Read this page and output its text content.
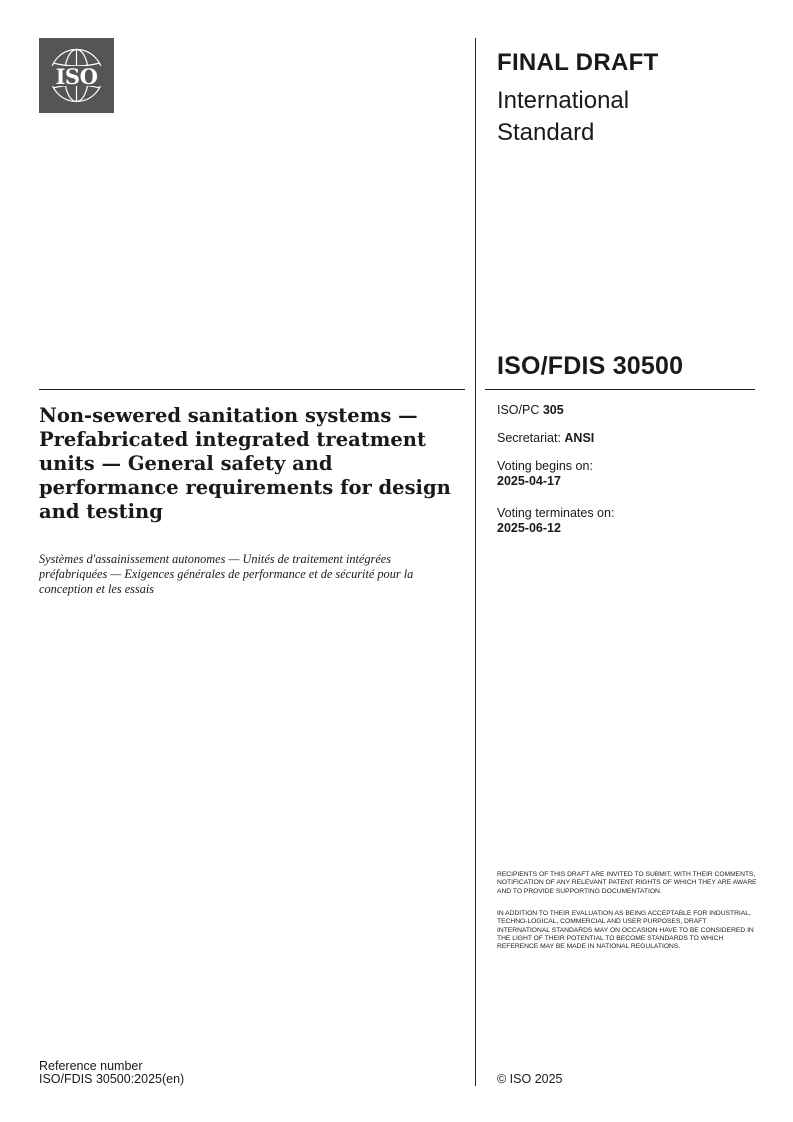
ISO
FINAL DRAFT
International
Standard
ISO/FDIS 30500
ISO/PC 305
Secretariat: ANSI
Voting begins on:
2025-04-17
Voting terminates on:
2025-06-12
Non-sewered sanitation systems — Prefabricated integrated treatment units — General safety and performance requirements for design and testing
Systèmes d'assainissement autonomes — Unités de traitement intégrées préfabriquées — Exigences générales de performance et de sécurité pour la conception et les essais
RECIPIENTS OF THIS DRAFT ARE INVITED TO SUBMIT, WITH THEIR COMMENTS, NOTIFICATION OF ANY RELEVANT PATENT RIGHTS OF WHICH THEY ARE AWARE AND TO PROVIDE SUPPORTING DOCUMENTATION.
IN ADDITION TO THEIR EVALUATION AS BEING ACCEPTABLE FOR INDUSTRIAL, TECHNO-LOGICAL, COMMERCIAL AND USER PURPOSES, DRAFT INTERNATIONAL STANDARDS MAY ON OCCASION HAVE TO BE CONSIDERED IN THE LIGHT OF THEIR POTENTIAL TO BECOME STANDARDS TO WHICH REFERENCE MAY BE MADE IN NATIONAL REGULATIONS.
Reference number
ISO/FDIS 30500:2025(en)	© ISO 2025
